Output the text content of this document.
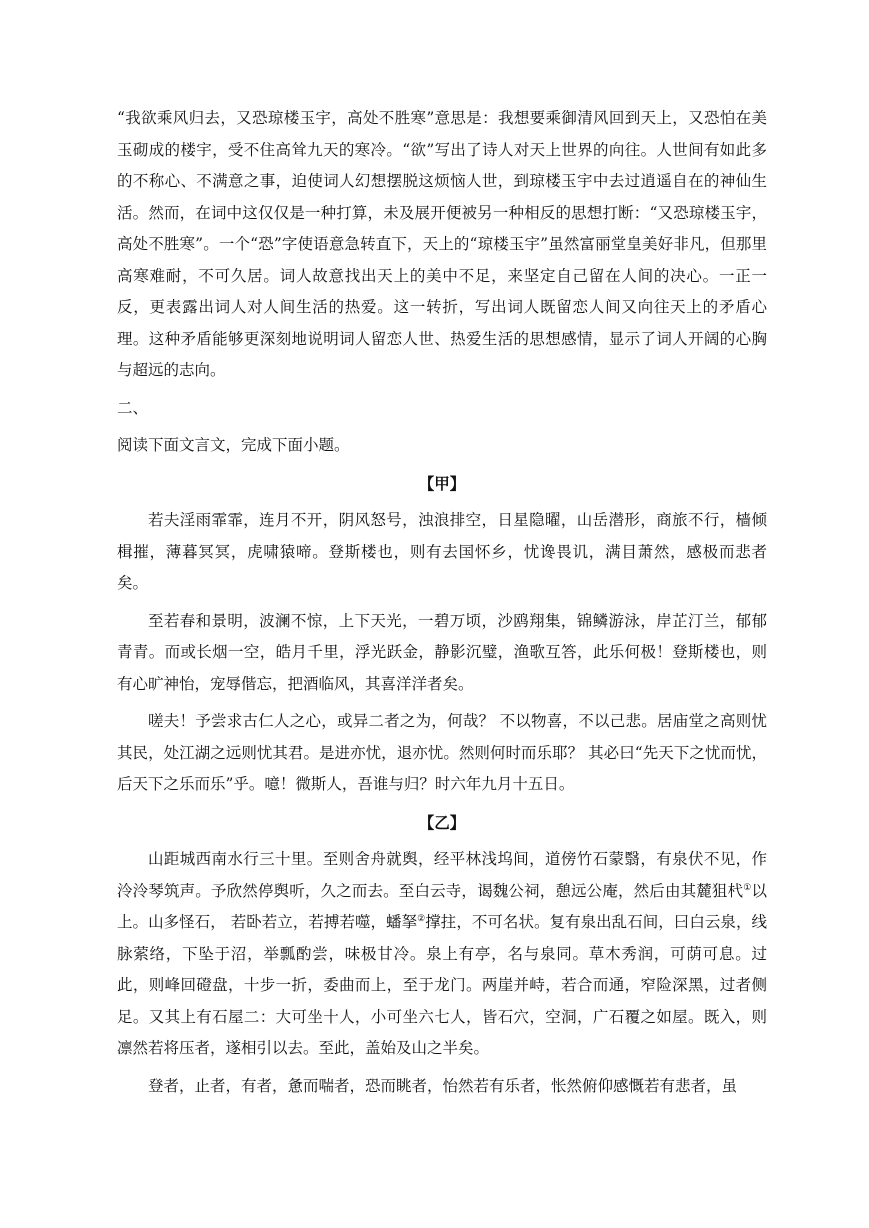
“我欲乘风归去，又恐琼楼玉宇，高处不胜寒”意思是：我想要乘御清风回到天上，又恐怕在美玉砌成的楼宇，受不住高耸九天的寒冷。“欲”写出了诗人对天上世界的向往。人世间有如此多的不称心、不满意之事，迫使词人幻想摆脱这烦恼人世，到琼楼玉宇中去过逍遥自在的神仙生活。然而，在词中这仅仅是一种打算，未及展开便被另一种相反的思想打断：“又恐琼楼玉宇，高处不胜寒”。一个“恐”字使语意急转直下，天上的“琼楼玉宇”虽然富丽堂皇美好非凡，但那里高寒难耐，不可久居。词人故意找出天上的美中不足，来坚定自己留在人间的决心。一正一反，更表露出词人对人间生活的热爱。这一转折，写出词人既留恋人间又向往天上的矛盾心理。这种矛盾能够更深刻地说明词人留恋人世、热爱生活的思想感情，显示了词人开阔的心胸与超远的志向。

二、

阅读下面文言文，完成下面小题。

【甲】

若夫淫雨霏霏，连月不开，阴风怒号，浊浪排空，日星隐曜，山岳潜形，商旅不行，樯倾楫摧，薄暮冥冥，虎啸猿啼。登斯楼也，则有去国怀乡，忧谗畏讥，满目萧然，感极而悲者矣。

至若春和景明，波澜不惊，上下天光，一碧万顷，沙鸥翔集，锦鳞游泳，岸芷汀兰，郁郁青青。而或长烟一空，皓月千里，浮光跃金，静影沉璧，渔歌互答，此乐何极！登斯楼也，则有心旷神怡，宠辱偕忘，把酒临风，其喜洋洋者矣。

嗟夫！予尝求古仁人之心，或异二者之为，何哉？ 不以物喜，不以己悲。居庙堂之高则忧其民，处江湖之远则忧其君。是进亦忧，退亦忧。然则何时而乐耶？ 其必曰“先天下之忧而忧，后天下之乐而乐”乎。噫！微斯人，吾谁与归？时六年九月十五日。

【乙】

山距城西南水行三十里。至则舍舟就舆，经平林浅坞间，道傍竹石蒙翳，有泉伏不见，作泠泠琴筑声。予欣然停舆听，久之而去。至白云寺，谒魏公祠，憩远公庵，然后由其麓狙杙①以上。山多怪石， 若卧若立，若搏若噬，蟠拏②撑拄，不可名状。复有泉出乱石间，曰白云泉，线脉萦络，下坠于沼，举瓢酌尝，味极甘冷。泉上有亭，名与泉同。草木秀润，可荫可息。过此，则峰回磴盘，十步一折，委曲而上，至于龙门。两崖并峙，若合而通，窄险深黑，过者侧足。又其上有石屋二：大可坐十人，小可坐六七人，皆石穴，空洞，广石覆之如屋。既入，则凛然若将压者，遂相引以去。至此，盖始及山之半矣。

登者，止者，有者，惫而喘者，恐而眺者，怡然若有乐者，怅然俯仰感慨若有悲者，虽
